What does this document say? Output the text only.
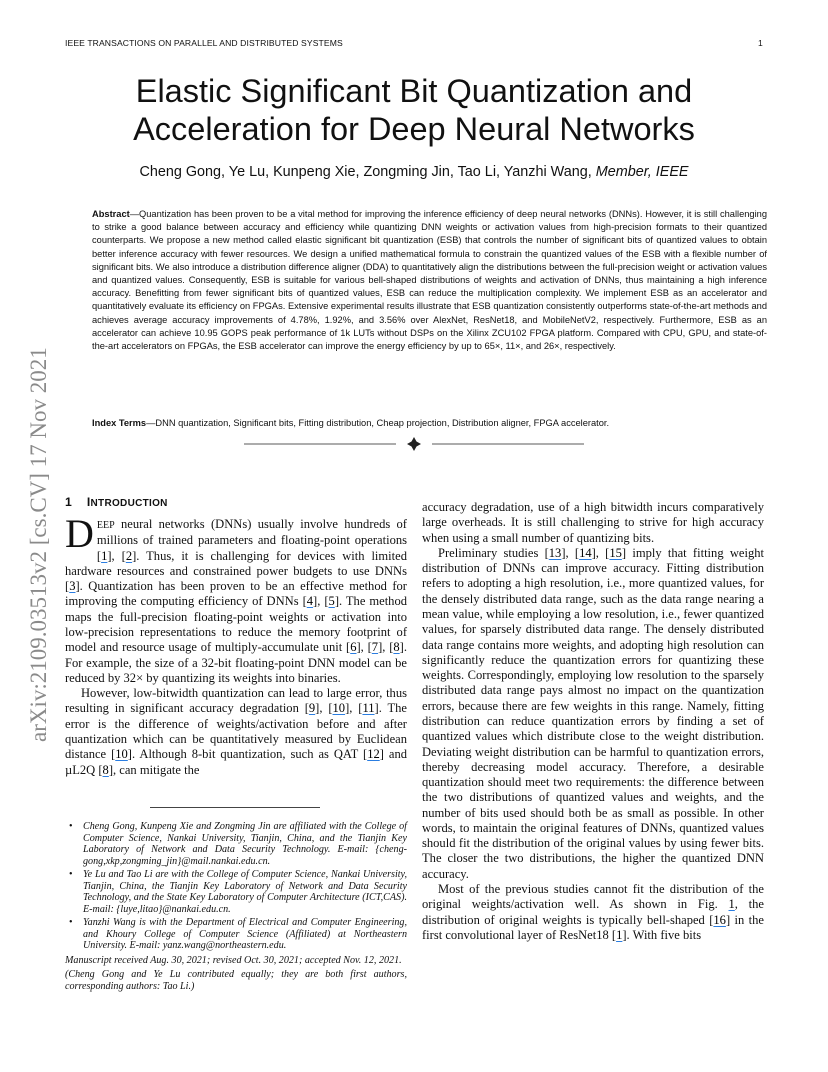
IEEE TRANSACTIONS ON PARALLEL AND DISTRIBUTED SYSTEMS	1
arXiv:2109.03513v2 [cs.CV] 17 Nov 2021
Elastic Significant Bit Quantization and Acceleration for Deep Neural Networks
Cheng Gong, Ye Lu, Kunpeng Xie, Zongming Jin, Tao Li, Yanzhi Wang, Member, IEEE
Abstract—Quantization has been proven to be a vital method for improving the inference efficiency of deep neural networks (DNNs). However, it is still challenging to strike a good balance between accuracy and efficiency while quantizing DNN weights or activation values from high-precision formats to their quantized counterparts. We propose a new method called elastic significant bit quantization (ESB) that controls the number of significant bits of quantized values to obtain better inference accuracy with fewer resources. We design a unified mathematical formula to constrain the quantized values of the ESB with a flexible number of significant bits. We also introduce a distribution difference aligner (DDA) to quantitatively align the distributions between the full-precision weight or activation values and quantized values. Consequently, ESB is suitable for various bell-shaped distributions of weights and activation of DNNs, thus maintaining a high inference accuracy. Benefitting from fewer significant bits of quantized values, ESB can reduce the multiplication complexity. We implement ESB as an accelerator and quantitatively evaluate its efficiency on FPGAs. Extensive experimental results illustrate that ESB quantization consistently outperforms state-of-the-art methods and achieves average accuracy improvements of 4.78%, 1.92%, and 3.56% over AlexNet, ResNet18, and MobileNetV2, respectively. Furthermore, ESB as an accelerator can achieve 10.95 GOPS peak performance of 1k LUTs without DSPs on the Xilinx ZCU102 FPGA platform. Compared with CPU, GPU, and state-of-the-art accelerators on FPGAs, the ESB accelerator can improve the energy efficiency by up to 65×, 11×, and 26×, respectively.
Index Terms—DNN quantization, Significant bits, Fitting distribution, Cheap projection, Distribution aligner, FPGA accelerator.
1 INTRODUCTION

DEEP neural networks (DNNs) usually involve hundreds of millions of trained parameters and floating-point operations [1], [2]. Thus, it is challenging for devices with limited hardware resources and constrained power budgets to use DNNs [3]. Quantization has been proven to be an effective method for improving the computing efficiency of DNNs [4], [5]. The method maps the full-precision floating-point weights or activation into low-precision representations to reduce the memory footprint of model and resource usage of multiply-accumulate unit [6], [7], [8]. For example, the size of a 32-bit floating-point DNN model can be reduced by 32× by quantizing its weights into binaries.

However, low-bitwidth quantization can lead to large error, thus resulting in significant accuracy degradation [9], [10], [11]. The error is the difference of weights/activation before and after quantization which can be quantitatively measured by Euclidean distance [10]. Although 8-bit quantization, such as QAT [12] and µL2Q [8], can mitigate the

accuracy degradation, use of a high bitwidth incurs comparatively large overheads. It is still challenging to strive for high accuracy when using a small number of quantizing bits.

Preliminary studies [13], [14], [15] imply that fitting weight distribution of DNNs can improve accuracy. Fitting distribution refers to adopting a high resolution, i.e., more quantized values, for the densely distributed data range, such as the data range nearing a mean value, while employing a low resolution, i.e., fewer quantized values, for sparsely distributed data range. The densely distributed data range contains more weights, and adopting high resolution can significantly reduce the quantization errors for quantizing these weights. Correspondingly, employing low resolution to the sparsely distributed data range pays almost no impact on the quantization errors, because there are few weights in this range. Namely, fitting distribution can reduce quantization errors by finding a set of quantized values which distribute close to the weight distribution. Deviating weight distribution can be harmful to quantization errors, thereby decreasing model accuracy. Therefore, a desirable quantization should meet two requirements: the difference between the two distributions of quantized values and weights, and the number of bits used should both be as small as possible. In other words, to maintain the original features of DNNs, quantized values should fit the distribution of the original values by using fewer bits. The closer the two distributions, the higher the quantized DNN accuracy.

Most of the previous studies cannot fit the distribution of the original weights/activation well. As shown in Fig. 1, the distribution of original weights is typically bell-shaped [16] in the first convolutional layer of ResNet18 [1]. With five bits

• Cheng Gong, Kunpeng Xie and Zongming Jin are affiliated with the College of Computer Science, Nankai University, Tianjin, China, and the Tianjin Key Laboratory of Network and Data Security Technology. E-mail: {cheng-gong,xkp,zongming_jin}@mail.nankai.edu.cn.
• Ye Lu and Tao Li are with the College of Computer Science, Nankai University, Tianjin, China, the Tianjin Key Laboratory of Network and Data Security Technology, and the State Key Laboratory of Computer Architecture (ICT,CAS). E-mail: {luye,litao}@nankai.edu.cn.
• Yanzhi Wang is with the Department of Electrical and Computer Engineering, and Khoury College of Computer Science (Affiliated) at Northeastern University. E-mail: yanz.wang@northeastern.edu.

Manuscript received Aug. 30, 2021; revised Oct. 30, 2021; accepted Nov. 12, 2021.

(Cheng Gong and Ye Lu contributed equally; they are both first authors, corresponding authors: Tao Li.)
